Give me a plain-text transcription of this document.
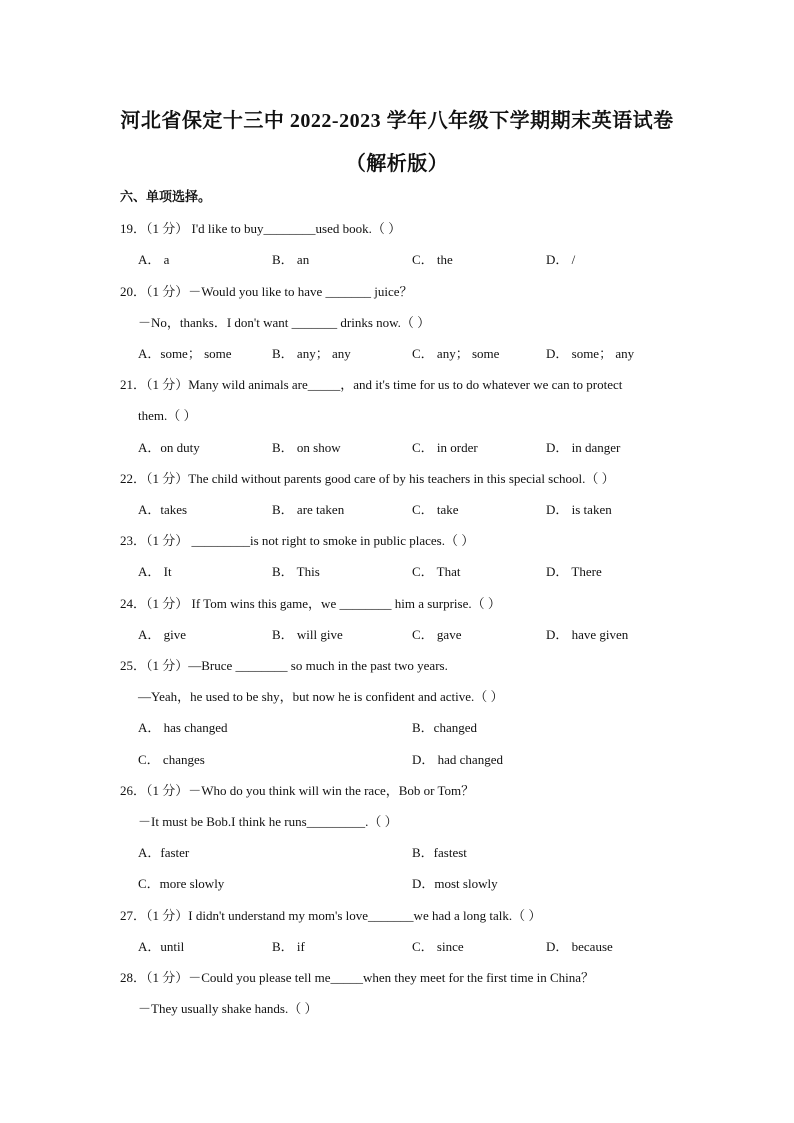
河北省保定十三中 2022-2023 学年八年级下学期期末英语试卷
（解析版）
六、单项选择。
19．（1 分） I'd like to buy________used book.（ ）
A． a	B． an	C． the	D． /
20．（1 分）－Would you like to have _______ juice？
－No，thanks．I don't want _______ drinks now.（ ）
A．some； some	B． any； any	C． any； some	D． some； any
21．（1 分）Many wild animals are_____，and it's time for us to do whatever we can to protect
them.（ ）
A．on duty	B． on show	C． in order	D． in danger
22．（1 分）The child without parents good care of by his teachers in this special school.（ ）
A．takes	B． are taken	C． take	D． is taken
23．（1 分） _________is not right to smoke in public places.（ ）
A． It	B． This	C． That	D． There
24．（1 分） If Tom wins this game，we ________ him a surprise.（ ）
A． give	B． will give	C． gave	D． have given
25．（1 分）—Bruce ________ so much in the past two years.
—Yeah，he used to be shy，but now he is confident and active.（ ）
A． has changed	B．changed
C． changes	D． had changed
26．（1 分）－Who do you think will win the race，Bob or Tom？
－It must be Bob.I think he runs_________.（ ）
A．faster	B．fastest
C．more slowly	D．most slowly
27．（1 分）I didn't understand my mom's love_______we had a long talk.（ ）
A．until	B． if	C． since	D． because
28．（1 分）－Could you please tell me_____when they meet for the first time in China？
－They usually shake hands.（ ）
